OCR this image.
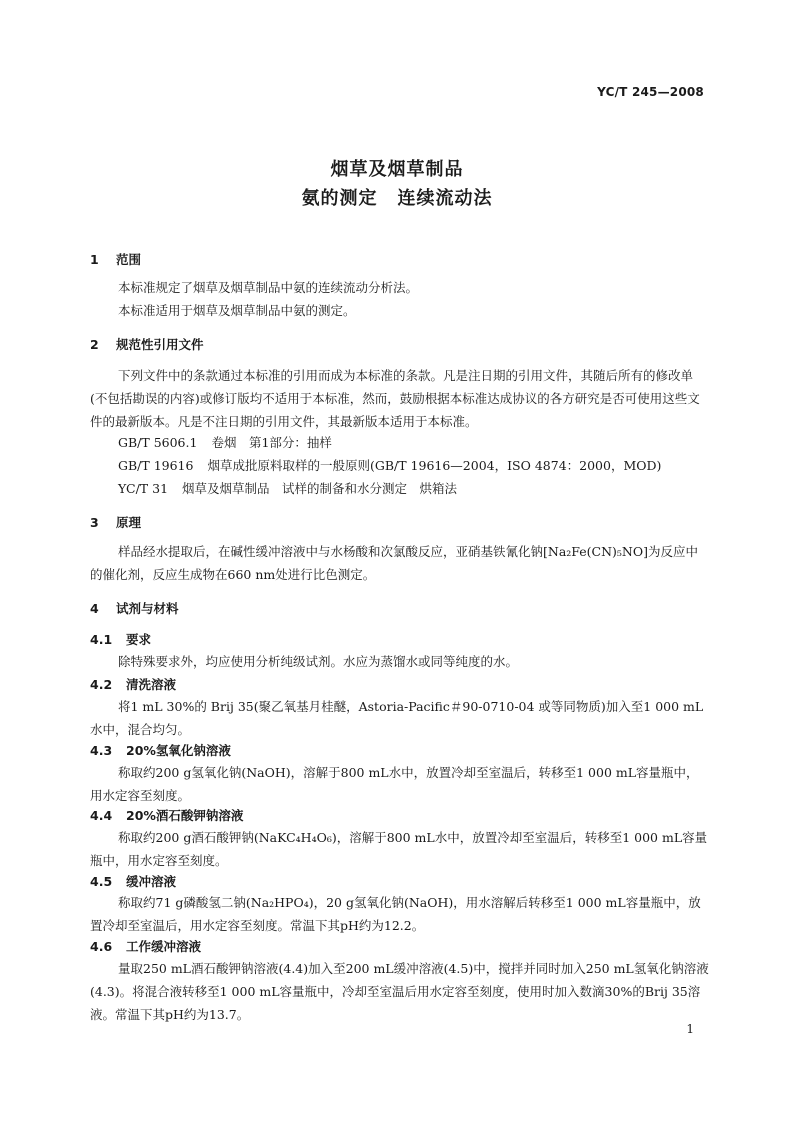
YC/T 245—2008
烟草及烟草制品
氨的测定 连续流动法
1 范围
本标准规定了烟草及烟草制品中氨的连续流动分析法。
本标准适用于烟草及烟草制品中氨的测定。
2 规范性引用文件
下列文件中的条款通过本标准的引用而成为本标准的条款。凡是注日期的引用文件，其随后所有的修改单(不包括勘误的内容)或修订版均不适用于本标准，然而，鼓励根据本标准达成协议的各方研究是否可使用这些文件的最新版本。凡是不注日期的引用文件，其最新版本适用于本标准。
GB/T 5606.1 卷烟　第1部分：抽样
GB/T 19616 烟草成批原料取样的一般原则(GB/T 19616—2004，ISO 4874：2000，MOD)
YC/T 31 烟草及烟草制品　试样的制备和水分测定　烘箱法
3 原理
样品经水提取后，在碱性缓冲溶液中与水杨酸和次氯酸反应，亚硝基铁氰化钠[Na₂Fe(CN)₅NO]为反应中的催化剂，反应生成物在660 nm处进行比色测定。
4 试剂与材料
4.1 要求
除特殊要求外，均应使用分析纯级试剂。水应为蒸馏水或同等纯度的水。
4.2 清洗溶液
将1 mL 30%的 Brij 35(聚乙氧基月桂醚，Astoria-Pacific＃90-0710-04 或等同物质)加入至1 000 mL 水中，混合均匀。
4.3 20%氢氧化钠溶液
称取约200 g氢氧化钠(NaOH)，溶解于800 mL水中，放置冷却至室温后，转移至1 000 mL容量瓶中，用水定容至刻度。
4.4 20%酒石酸钾钠溶液
称取约200 g酒石酸钾钠(NaKC₄H₄O₆)，溶解于800 mL水中，放置冷却至室温后，转移至1 000 mL容量瓶中，用水定容至刻度。
4.5 缓冲溶液
称取约71 g磷酸氢二钠(Na₂HPO₄)，20 g氢氧化钠(NaOH)，用水溶解后转移至1 000 mL容量瓶中，放置冷却至室温后，用水定容至刻度。常温下其pH约为12.2。
4.6 工作缓冲溶液
量取250 mL酒石酸钾钠溶液(4.4)加入至200 mL缓冲溶液(4.5)中，搅拌并同时加入250 mL氢氧化钠溶液(4.3)。将混合液转移至1 000 mL容量瓶中，冷却至室温后用水定容至刻度，使用时加入数滴30%的Brij 35溶液。常温下其pH约为13.7。
1
